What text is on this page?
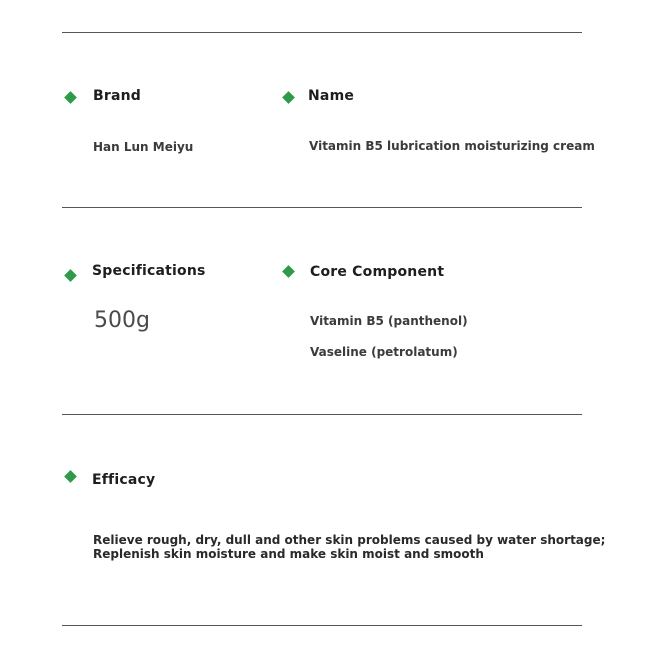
Brand
Han Lun Meiyu
Name
Vitamin B5 lubrication moisturizing cream
Specifications
500g
Core Component
Vitamin B5 (panthenol)
Vaseline (petrolatum)
Efficacy
Relieve rough, dry, dull and other skin problems caused by water shortage;
Replenish skin moisture and make skin moist and smooth
